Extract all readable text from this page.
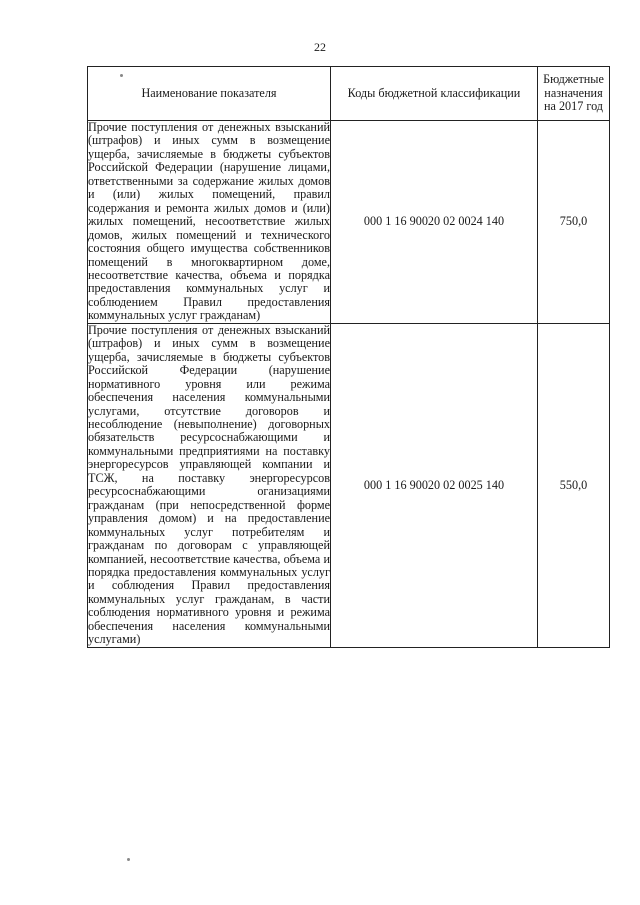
22
Наименование показателя	Коды бюджетной классификации	Бюджетные назначения на 2017 год
Прочие поступления от денежных взысканий (штрафов) и иных сумм в возмещение ущерба, зачисляемые в бюджеты субъектов Российской Федерации (нарушение лицами, ответственными за содержание жилых домов и (или) жилых помещений, правил содержания и ремонта жилых домов и (или) жилых помещений, несоответствие жилых домов, жилых помещений и технического состояния общего имущества собственников помещений в многоквартирном доме, несоответствие качества, объема и порядка предоставления коммунальных услуг и соблюдением Правил предоставления коммунальных услуг гражданам)	000 1 16 90020 02 0024 140	750,0
Прочие поступления от денежных взысканий (штрафов) и иных сумм в возмещение ущерба, зачисляемые в бюджеты субъектов Российской Федерации (нарушение нормативного уровня или режима обеспечения населения коммунальными услугами, отсутствие договоров и несоблюдение (невыполнение) договорных обязательств ресурсоснабжающими и коммунальными предприятиями на поставку энергоресурсов управляющей компании и ТСЖ, на поставку энергоресурсов ресурсоснабжающими оганизациями гражданам (при непосредственной форме управления домом) и на предоставление коммунальных услуг потребителям и гражданам по договорам с управляющей компанией, несоответствие качества, объема и порядка предоставления коммунальных услуг и соблюдения Правил предоставления коммунальных услуг гражданам, в части соблюдения нормативного уровня и режима обеспечения населения коммунальными услугами)	000 1 16 90020 02 0025 140	550,0
